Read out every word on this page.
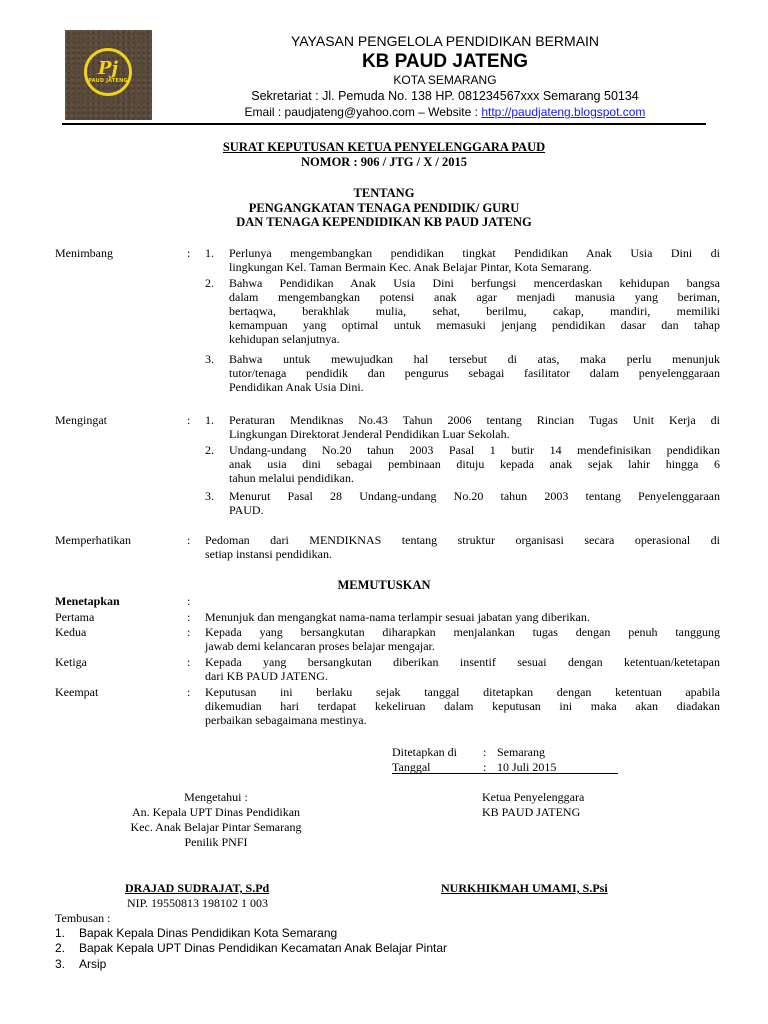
Pj
PAUD JATENG
YAYASAN PENGELOLA PENDIDIKAN BERMAIN
KB PAUD JATENG
KOTA SEMARANG
Sekretariat : Jl. Pemuda No. 138 HP. 081234567xxx Semarang 50134
Email : paudjateng@yahoo.com – Website : http://paudjateng.blogspot.com
SURAT KEPUTUSAN KETUA PENYELENGGARA PAUD
NOMOR : 906 / JTG / X / 2015
TENTANG
PENGANGKATAN TENAGA PENDIDIK/ GURU
DAN TENAGA KEPENDIDIKAN KB PAUD JATENG
Menimbang	: 1. Perlunya mengembangkan pendidikan tingkat Pendidikan Anak Usia Dini di
lingkungan Kel. Taman Bermain Kec. Anak Belajar Pintar, Kota Semarang.
2. Bahwa Pendidikan Anak Usia Dini berfungsi mencerdaskan kehidupan bangsa
dalam mengembangkan potensi anak agar menjadi manusia yang beriman,
bertaqwa, berakhlak mulia, sehat, berilmu, cakap, mandiri, memiliki
kemampuan yang optimal untuk memasuki jenjang pendidikan dasar dan tahap
kehidupan selanjutnya.
3. Bahwa untuk mewujudkan hal tersebut di atas, maka perlu menunjuk
tutor/tenaga pendidik dan pengurus sebagai fasilitator dalam penyelenggaraan
Pendidikan Anak Usia Dini.
Mengingat	: 1. Peraturan Mendiknas No.43 Tahun 2006 tentang Rincian Tugas Unit Kerja di
Lingkungan Direktorat Jenderal Pendidikan Luar Sekolah.
2. Undang-undang No.20 tahun 2003 Pasal 1 butir 14 mendefinisikan pendidikan
anak usia dini sebagai pembinaan dituju kepada anak sejak lahir hingga 6
tahun melalui pendidikan.
3. Menurut Pasal 28 Undang-undang No.20 tahun 2003 tentang Penyelenggaraan
PAUD.
Memperhatikan	: Pedoman dari MENDIKNAS tentang struktur organisasi secara operasional di
setiap instansi pendidikan.
MEMUTUSKAN
Menetapkan	:
Pertama	: Menunjuk dan mengangkat nama-nama terlampir sesuai jabatan yang diberikan.
Kedua	: Kepada yang bersangkutan diharapkan menjalankan tugas dengan penuh tanggung
jawab demi kelancaran proses belajar mengajar.
Ketiga	: Kepada yang bersangkutan diberikan insentif sesuai dengan ketentuan/ketetapan
dari KB PAUD JATENG.
Keempat	: Keputusan ini berlaku sejak tanggal ditetapkan dengan ketentuan apabila
dikemudian hari terdapat kekeliruan dalam keputusan ini maka akan diadakan
perbaikan sebagaimana mestinya.
Ditetapkan di : Semarang
Tanggal	: 10 Juli 2015
Mengetahui :
An. Kepala UPT Dinas Pendidikan
Kec. Anak Belajar Pintar Semarang
Penilik PNFI
DRAJAD SUDRAJAT, S.Pd
NIP. 19550813 198102 1 003
Ketua Penyelenggara
KB PAUD JATENG
NURKHIKMAH UMAMI, S.Psi
Tembusan :
1. Bapak Kepala Dinas Pendidikan Kota Semarang
2. Bapak Kepala UPT Dinas Pendidikan Kecamatan Anak Belajar Pintar
3. Arsip
